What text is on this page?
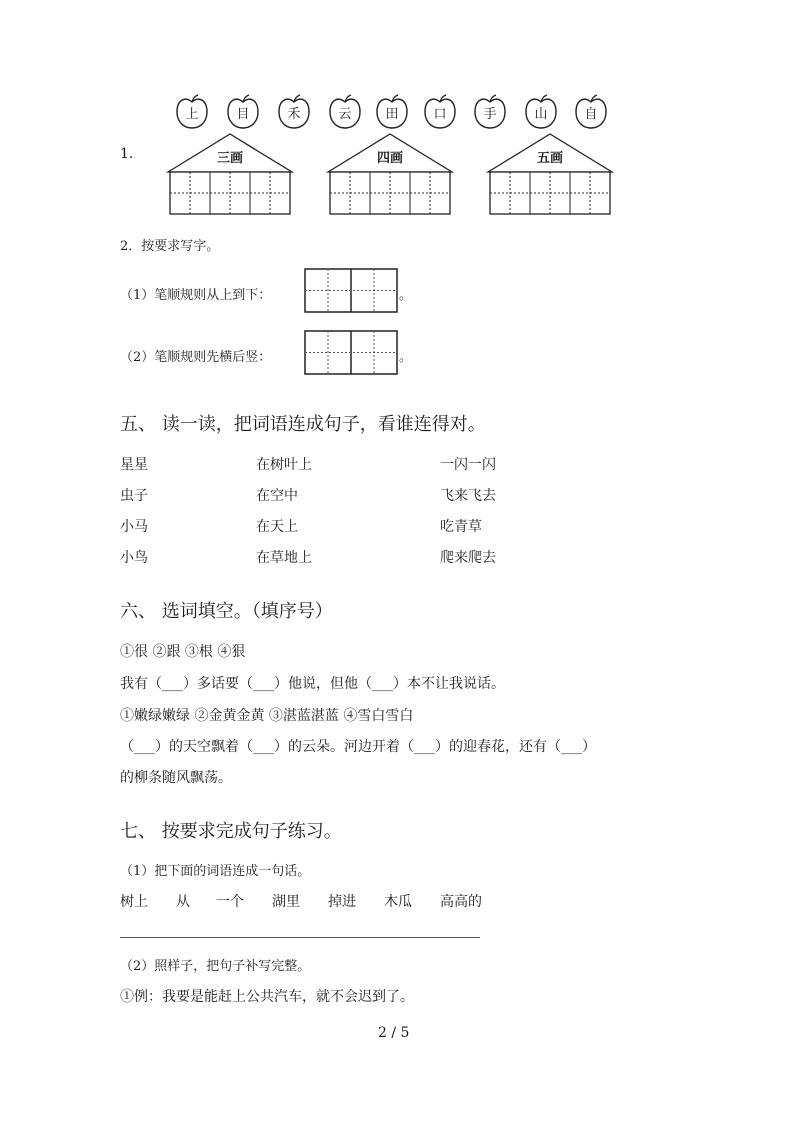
上	目	禾	云	田	口	手	山	自
1.	三画	四画	五画
2．按要求写字。
（1）笔顺规则从上到下：	。
（2）笔顺规则先横后竖：	。
五、 读一读，把词语连成句子，看谁连得对。
星星	在树叶上	一闪一闪
虫子	在空中	飞来飞去
小马	在天上	吃青草
小鸟	在草地上	爬来爬去
六、 选词填空。（填序号）
①很 ②跟 ③根 ④狠
我有（___）多话要（___）他说，但他（___）本不让我说话。
①嫩绿嫩绿 ②金黄金黄 ③湛蓝湛蓝 ④雪白雪白
（___）的天空飘着（___）的云朵。河边开着（___）的迎春花，还有（___）
的柳条随风飘荡。
七、 按要求完成句子练习。
（1）把下面的词语连成一句话。
树上 从 一个 湖里 掉进 木瓜 高高的
（2）照样子，把句子补写完整。
①例：我要是能赶上公共汽车，就不会迟到了。
2 / 5
